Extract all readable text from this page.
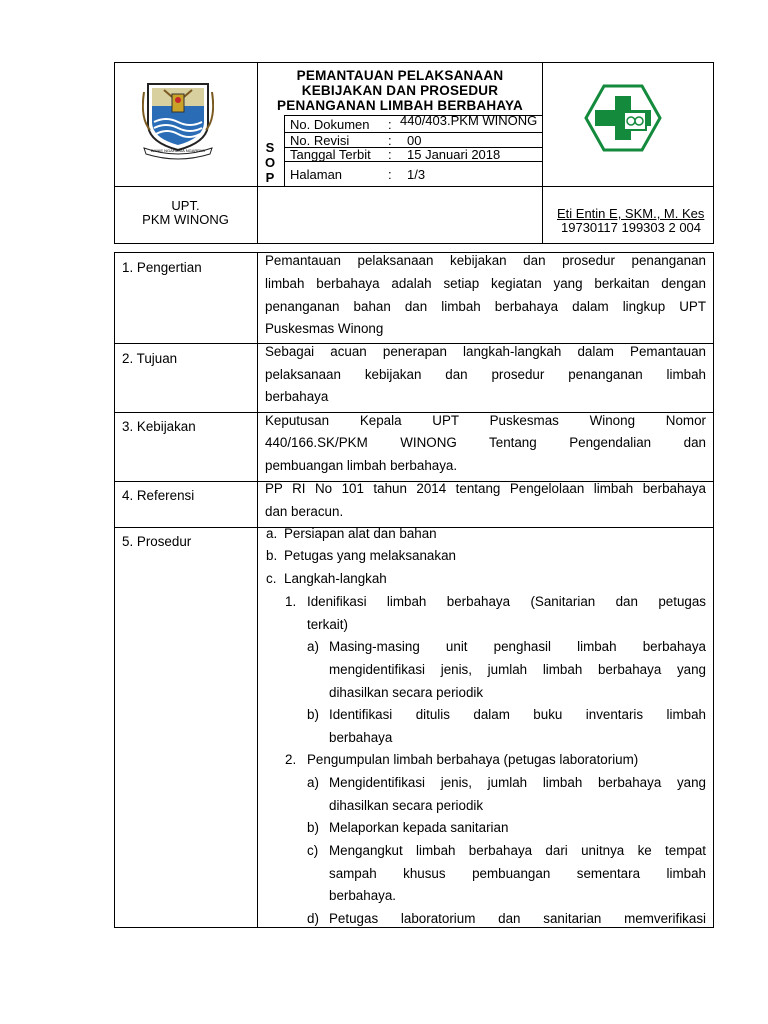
BANIE NGAHASIA NGARPAS
PEMANTAUAN PELAKSANAAN
KEBIJAKAN DAN PROSEDUR
PENANGANAN LIMBAH BERBAHAYA
S
O
P
No. Dokumen : 440/403.PKM WINONG
No. Revisi	: 00
Tanggal Terbit : 15 Januari 2018
Halaman	: 1/3
UPT.
PKM WINONG	Eti Entin E, SKM., M. Kes
19730117 199303 2 004
1. Pengertian	Pemantauan pelaksanaan kebijakan dan prosedur penanganan
limbah berbahaya adalah setiap kegiatan yang berkaitan dengan
penanganan bahan dan limbah berbahaya dalam lingkup UPT
Puskesmas Winong
2. Tujuan	Sebagai acuan penerapan langkah-langkah dalam Pemantauan
pelaksanaan kebijakan dan prosedur penanganan limbah
berbahaya
3. Kebijakan	Keputusan Kepala UPT Puskesmas Winong Nomor
440/166.SK/PKM WINONG Tentang Pengendalian dan
pembuangan limbah berbahaya.
4. Referensi	PP RI No 101 tahun 2014 tentang Pengelolaan limbah berbahaya
dan beracun.
5. Prosedur
a. Persiapan alat dan bahan
b. Petugas yang melaksanakan
c. Langkah-langkah
1. Idenifikasi limbah berbahaya (Sanitarian dan petugas
terkait)
a) Masing-masing unit penghasil limbah berbahaya
mengidentifikasi jenis, jumlah limbah berbahaya yang
dihasilkan secara periodik
b) Identifikasi ditulis dalam buku inventaris limbah
berbahaya
2. Pengumpulan limbah berbahaya (petugas laboratorium)
a) Mengidentifikasi jenis, jumlah limbah berbahaya yang
dihasilkan secara periodik
b) Melaporkan kepada sanitarian
c) Mengangkut limbah berbahaya dari unitnya ke tempat
sampah khusus pembuangan sementara limbah
berbahaya.
d) Petugas laboratorium dan sanitarian memverifikasi
